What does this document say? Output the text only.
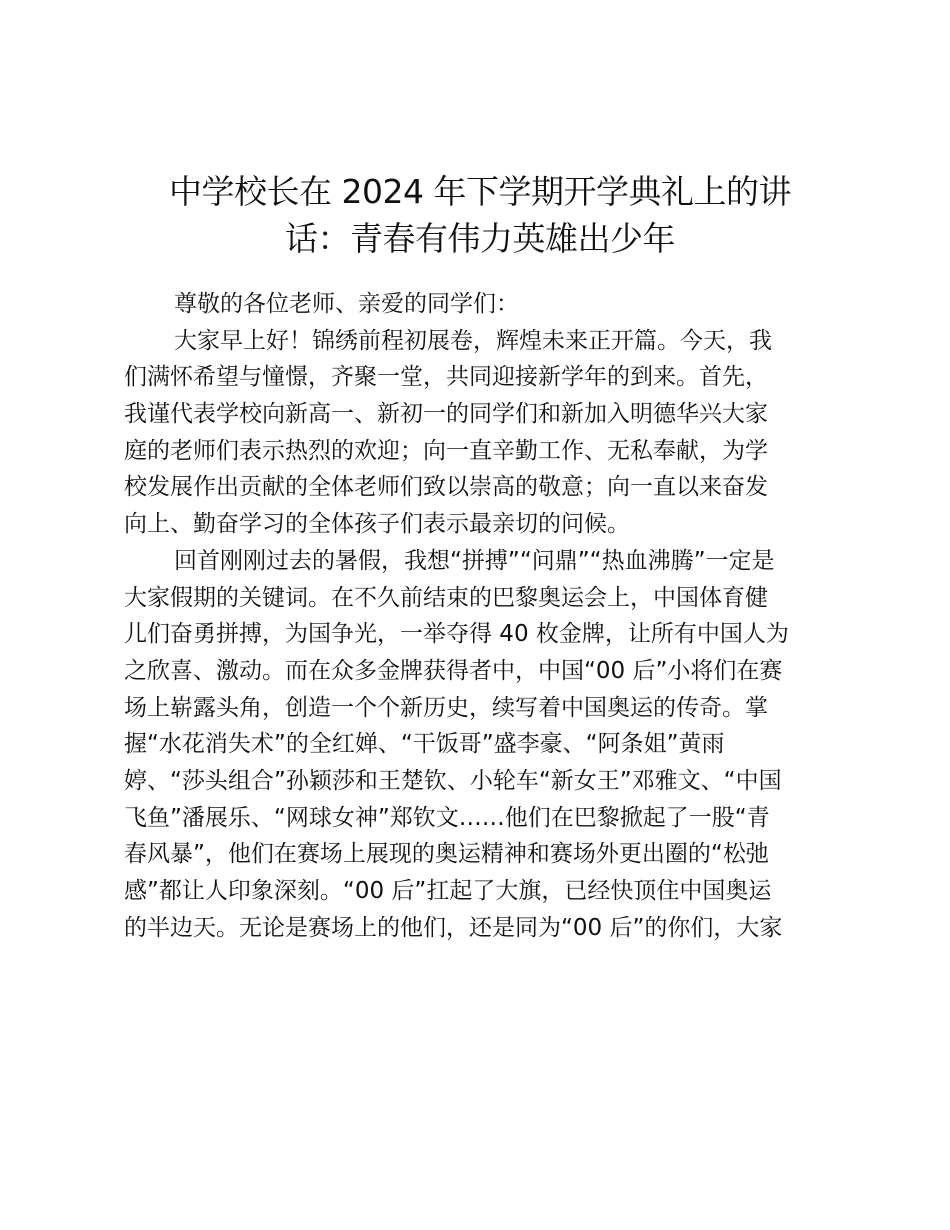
中学校长在 2024 年下学期开学典礼上的讲
话：青春有伟力英雄出少年
尊敬的各位老师、亲爱的同学们：
大家早上好！锦绣前程初展卷，辉煌未来正开篇。今天，我
们满怀希望与憧憬，齐聚一堂，共同迎接新学年的到来。首先，
我谨代表学校向新高一、新初一的同学们和新加入明德华兴大家
庭的老师们表示热烈的欢迎；向一直辛勤工作、无私奉献，为学
校发展作出贡献的全体老师们致以崇高的敬意；向一直以来奋发
向上、勤奋学习的全体孩子们表示最亲切的问候。
回首刚刚过去的暑假，我想“拼搏”“问鼎”“热血沸腾”一定是
大家假期的关键词。在不久前结束的巴黎奥运会上，中国体育健
儿们奋勇拼搏，为国争光，一举夺得 40 枚金牌，让所有中国人为
之欣喜、激动。而在众多金牌获得者中，中国“00 后”小将们在赛
场上崭露头角，创造一个个新历史，续写着中国奥运的传奇。掌
握“水花消失术”的全红婵、“干饭哥”盛李豪、“阿条姐”黄雨
婷、“莎头组合”孙颖莎和王楚钦、小轮车“新女王”邓雅文、“中国
飞鱼”潘展乐、“网球女神”郑钦文……他们在巴黎掀起了一股“青
春风暴”，他们在赛场上展现的奥运精神和赛场外更出圈的“松弛
感”都让人印象深刻。“00 后”扛起了大旗，已经快顶住中国奥运
的半边天。无论是赛场上的他们，还是同为“00 后”的你们，大家
